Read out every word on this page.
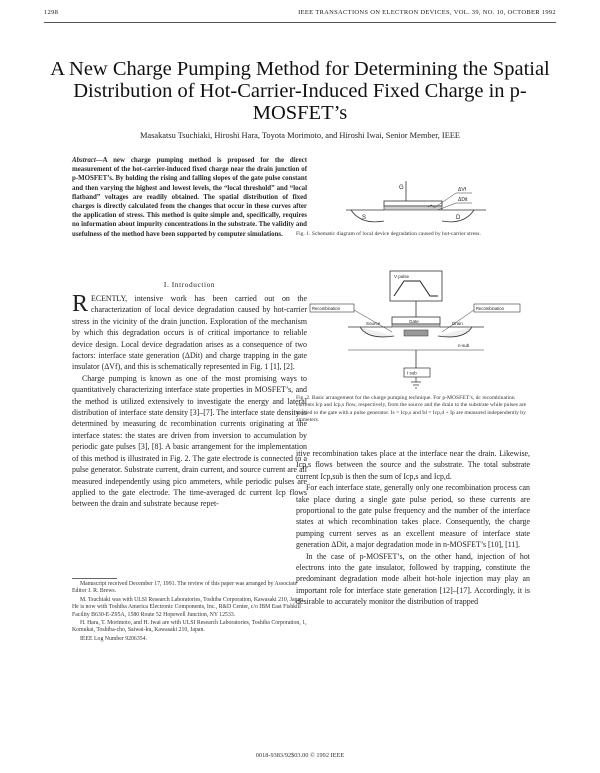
1298	IEEE TRANSACTIONS ON ELECTRON DEVICES, VOL. 39, NO. 10, OCTOBER 1992
A New Charge Pumping Method for Determining the Spatial Distribution of Hot-Carrier-Induced Fixed Charge in p-MOSFET’s
Masakatsu Tsuchiaki, Hiroshi Hara, Toyota Morimoto, and Hiroshi Iwai, Senior Member, IEEE
Abstract—A new charge pumping method is proposed for the direct measurement of the hot-carrier-induced fixed charge near the drain junction of p-MOSFET’s. By holding the rising and falling slopes of the gate pulse constant and then varying the highest and lowest levels, the “local threshold” and “local flatband” voltages are readily obtained. The spatial distribution of fixed charges is directly calculated from the changes that occur in these curves after the application of stress. This method is quite simple and, specifically, requires no information about impurity concentrations in the substrate. The validity and usefulness of the method have been supported by computer simulations.
I. Introduction

RECENTLY, intensive work has been carried out on the characterization of local device degradation caused by hot-carrier stress in the vicinity of the drain junction. Exploration of the mechanism by which this degradation occurs is of critical importance to reliable device design. Local device degradation arises as a consequence of two factors: interface state generation (ΔDit) and charge trapping in the gate insulator (ΔVf), and this is schematically represented in Fig. 1 [1], [2].

Charge pumping is known as one of the most promising ways to quantitatively characterizing interface state properties in MOSFET’s, and the method is utilized extensively to investigate the energy and lateral distribution of interface state density [3]–[7]. The interface state density is determined by measuring dc recombination currents originating at the interface states: the states are driven from inversion to accumulation by periodic gate pulses [3], [8]. A basic arrangement for the implementation of this method is illustrated in Fig. 2. The gate electrode is connected to a pulse generator. Substrate current, drain current, and source current are all measured independently using pico ammeters, while periodic pulses are applied to the gate electrode. The time-averaged dc current Icp flows between the drain and substrate because repet-

Manuscript received December 17, 1991. The review of this paper was arranged by Associate Editor J. R. Brews.

M. Tsuchiaki was with ULSI Research Laboratories, Toshiba Corporation, Kawasaki 210, Japan. He is now with Toshiba America Electronic Components, Inc., R&D Center, c/o IBM East Fishkill Facility B630-E-Z95A, 1580 Route 52 Hopewell Junction, NY 12533.

H. Hara, T. Morimoto, and H. Iwai are with ULSI Research Laboratories, Toshiba Corporation, 1, Komukai, Toshiba-cho, Saiwai-ku, Kawasaki 210, Japan.

IEEE Log Number 9206354.

G
S	D
ΔVf
ΔDit
Fig. 1. Schematic diagram of local device degradation caused by hot-carrier stress.
V pulse
Recombination	Recombination
Gate
Source	Drain
n-sub
I sub
Fig. 2. Basic arrangement for the charge pumping technique. For p-MOSFET’s, dc recombination currents Icp and Icp,s flow, respectively, from the source and the drain to the substrate while pulses are applied to the gate with a pulse generator. Is = Icp,s and Id = Icp,d + Ip are measured independently by ammeters.

itive recombination takes place at the interface near the drain. Likewise, Icp,s flows between the source and the substrate. The total substrate current Icp,sub is then the sum of Icp,s and Icp,d.

For each interface state, generally only one recombination process can take place during a single gate pulse period, so these currents are proportional to the gate pulse frequency and the number of the interface states at which recombination takes place. Consequently, the charge pumping current serves as an excellent measure of interface state generation ΔDit, a major degradation mode in n-MOSFET’s [10], [11].

In the case of p-MOSFET’s, on the other hand, injection of hot electrons into the gate insulator, followed by trapping, constitute the predominant degradation mode albeit hot-hole injection may play an important role for interface state generation [12]–[17]. Accordingly, it is desirable to accurately monitor the distribution of trapped

0018-9383/92$03.00 © 1992 IEEE
